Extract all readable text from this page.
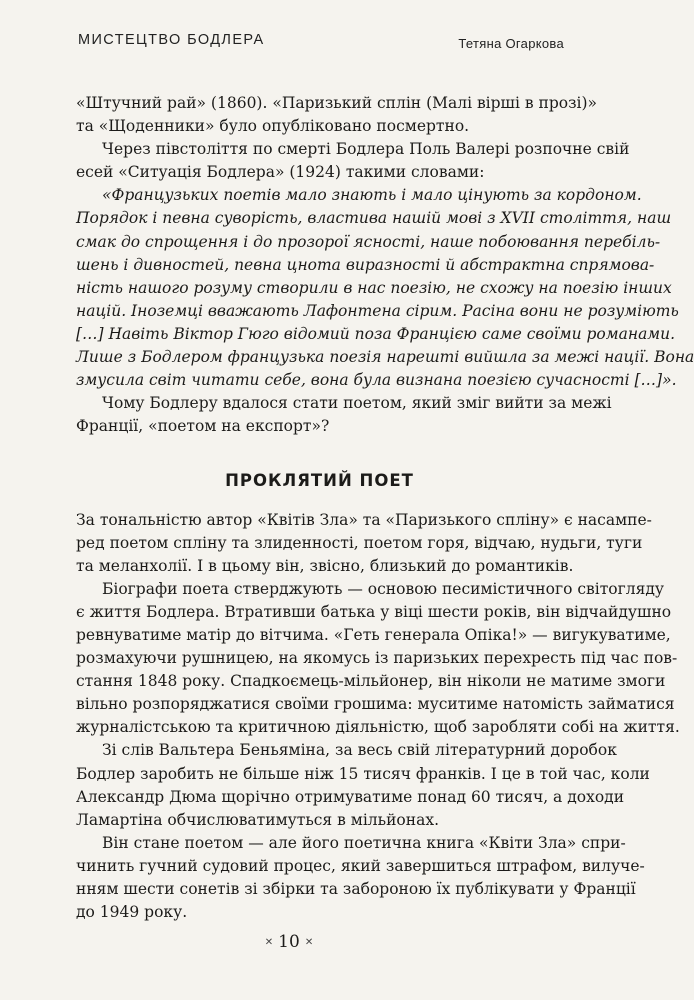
МИСТЕЦТВО БОДЛЕРА	Тетяна Огаркова

«Штучний рай» (1860). «Паризький сплін (Малі вірші в прозі)»
та «Щоденники» було опубліковано посмертно.

Через півстоліття по смерті Бодлера Поль Валері розпочне свій
есей «Ситуація Бодлера» (1924) такими словами:

«Французьких поетів мало знають і мало цінують за кордоном.
Порядок і певна суворість, властива нашій мові з XVII століття, наш
смак до спрощення і до прозорої ясності, наше побоювання перебіль-
шень і дивностей, певна цнота виразності й абстрактна спрямова-
ність нашого розуму створили в нас поезію, не схожу на поезію інших
націй. Іноземці вважають Лафонтена сірим. Расіна вони не розуміють
[…] Навіть Віктор Гюго відомий поза Францією саме своїми романами.
Лише з Бодлером французька поезія нарешті вийшла за межі нації. Вона
змусила світ читати себе, вона була визнана поезією сучасності […]».

Чому Бодлеру вдалося стати поетом, який зміг вийти за межі
Франції, «поетом на експорт»?

ПРОКЛЯТИЙ ПОЕТ

За тональністю автор «Квітів Зла» та «Паризького спліну» є насампе-
ред поетом спліну та злиденності, поетом горя, відчаю, нудьги, туги
та меланхолії. І в цьому він, звісно, близький до романтиків.

Біографи поета стверджують — основою песимістичного світогляду
є життя Бодлера. Втративши батька у віці шести років, він відчайдушно
ревнуватиме матір до вітчима. «Геть генерала Опіка!» — вигукуватиме,
розмахуючи рушницею, на якомусь із паризьких перехресть під час пов-
стання 1848 року. Спадкоємець-мільйонер, він ніколи не матиме змоги
вільно розпоряджатися своїми грошима: муситиме натомість займатися
журналістською та критичною діяльністю, щоб заробляти собі на життя.

Зі слів Вальтера Беньяміна, за весь свій літературний доробок
Бодлер заробить не більше ніж 15 тисяч франків. І це в той час, коли
Александр Дюма щорічно отримуватиме понад 60 тисяч, а доходи
Ламартіна обчислюватимуться в мільйонах.

Він стане поетом — але його поетична книга «Квіти Зла» спри-
чинить гучний судовий процес, який завершиться штрафом, вилуче-
нням шести сонетів зі збірки та забороною їх публікувати у Франції
до 1949 року.

✕ 10 ✕
